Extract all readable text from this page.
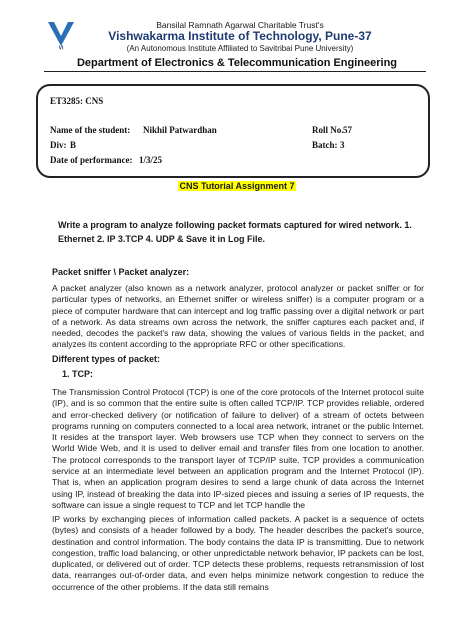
VI
Bansilal Ramnath Agarwal Charitable Trust's
Vishwakarma Institute of Technology, Pune-37
(An Autonomous Institute Affiliated to Savitribai Pune University)
Department of Electronics & Telecommunication Engineering
ET3285: CNS
Name of the student: Nikhil Patwardhan	Roll No. 57
Div: B	Batch: 3
Date of performance: 1/3/25
CNS Tutorial Assignment 7
Write a program to analyze following packet formats captured for wired network. 1. Ethernet 2. IP 3.TCP 4. UDP & Save it in Log File.
Packet sniffer \ Packet analyzer:
A packet analyzer (also known as a network analyzer, protocol analyzer or packet sniffer or for particular types of networks, an Ethernet sniffer or wireless sniffer) is a computer program or a piece of computer hardware that can intercept and log traffic passing over a digital network or part of a network. As data streams own across the network, the sniffer captures each packet and, if needed, decodes the packet's raw data, showing the values of various fields in the packet, and analyzes its content according to the appropriate RFC or other specifications.
Different types of packet:
1. TCP:
The Transmission Control Protocol (TCP) is one of the core protocols of the Internet protocol suite (IP), and is so common that the entire suite is often called TCP/IP. TCP provides reliable, ordered and error-checked delivery (or notification of failure to deliver) of a stream of octets between programs running on computers connected to a local area network, intranet or the public Internet. It resides at the transport layer. Web browsers use TCP when they connect to servers on the World Wide Web, and it is used to deliver email and transfer files from one location to another. The protocol corresponds to the transport layer of TCP/IP suite. TCP provides a communication service at an intermediate level between an application program and the Internet Protocol (IP). That is, when an application program desires to send a large chunk of data across the Internet using IP, instead of breaking the data into IP-sized pieces and issuing a series of IP requests, the software can issue a single request to TCP and let TCP handle the
IP works by exchanging pieces of information called packets. A packet is a sequence of octets (bytes) and consists of a header followed by a body. The header describes the packet's source, destination and control information. The body contains the data IP is transmitting. Due to network congestion, traffic load balancing, or other unpredictable network behavior, IP packets can be lost, duplicated, or delivered out of order. TCP detects these problems, requests retransmission of lost data, rearranges out-of-order data, and even helps minimize network congestion to reduce the occurrence of the other problems. If the data still remains
